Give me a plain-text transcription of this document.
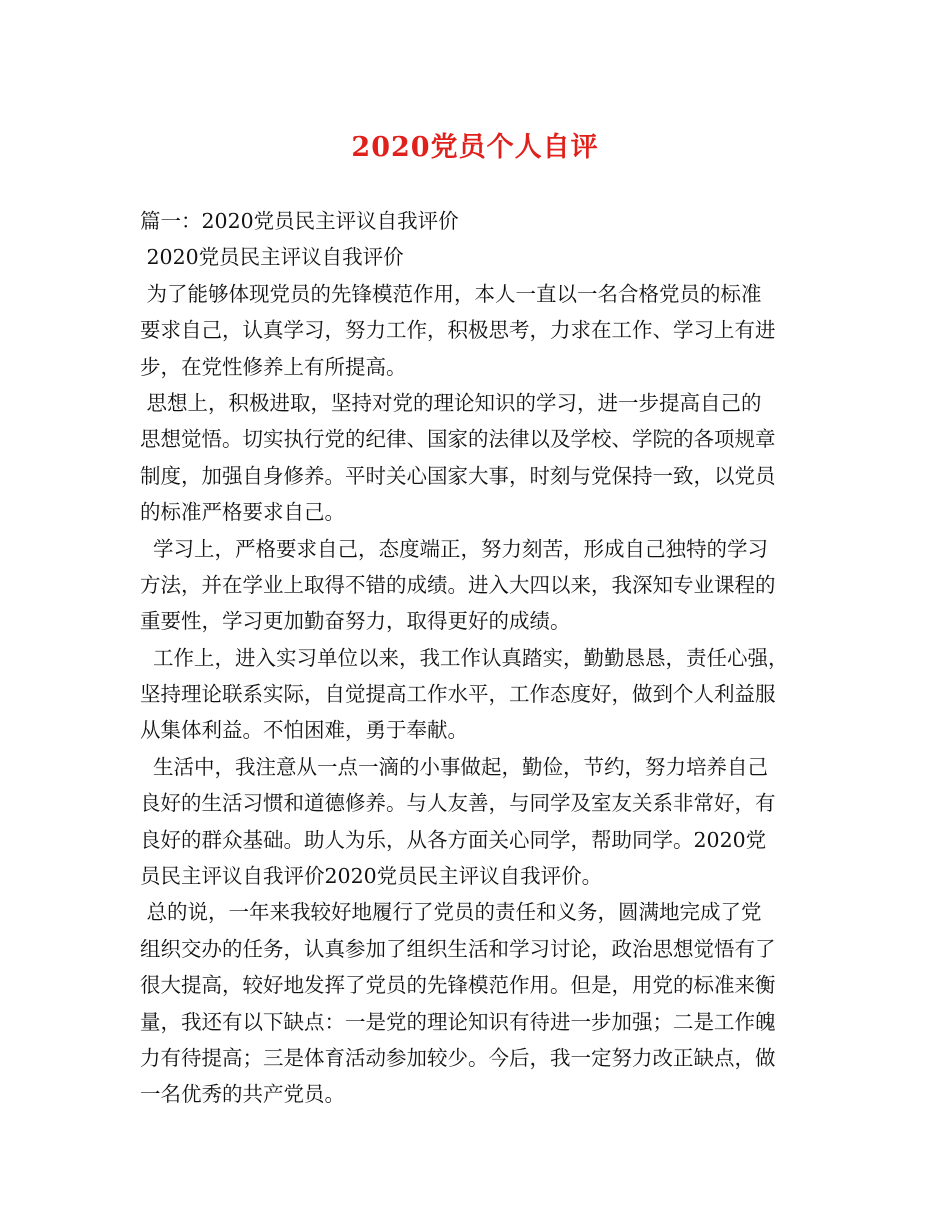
2020党员个人自评
篇一：2020党员民主评议自我评价
2020党员民主评议自我评价
为了能够体现党员的先锋模范作用，本人一直以一名合格党员的标准
要求自己，认真学习，努力工作，积极思考，力求在工作、学习上有进
步，在党性修养上有所提高。
思想上，积极进取，坚持对党的理论知识的学习，进一步提高自己的
思想觉悟。切实执行党的纪律、国家的法律以及学校、学院的各项规章
制度，加强自身修养。平时关心国家大事，时刻与党保持一致，以党员
的标准严格要求自己。
学习上，严格要求自己，态度端正，努力刻苦，形成自己独特的学习
方法，并在学业上取得不错的成绩。进入大四以来，我深知专业课程的
重要性，学习更加勤奋努力，取得更好的成绩。
工作上，进入实习单位以来，我工作认真踏实，勤勤恳恳，责任心强，
坚持理论联系实际，自觉提高工作水平，工作态度好，做到个人利益服
从集体利益。不怕困难，勇于奉献。
生活中，我注意从一点一滴的小事做起，勤俭，节约，努力培养自己
良好的生活习惯和道德修养。与人友善，与同学及室友关系非常好，有
良好的群众基础。助人为乐，从各方面关心同学，帮助同学。2020党
员民主评议自我评价2020党员民主评议自我评价。
总的说，一年来我较好地履行了党员的责任和义务，圆满地完成了党
组织交办的任务，认真参加了组织生活和学习讨论，政治思想觉悟有了
很大提高，较好地发挥了党员的先锋模范作用。但是，用党的标准来衡
量，我还有以下缺点：一是党的理论知识有待进一步加强；二是工作魄
力有待提高；三是体育活动参加较少。今后，我一定努力改正缺点，做
一名优秀的共产党员。
